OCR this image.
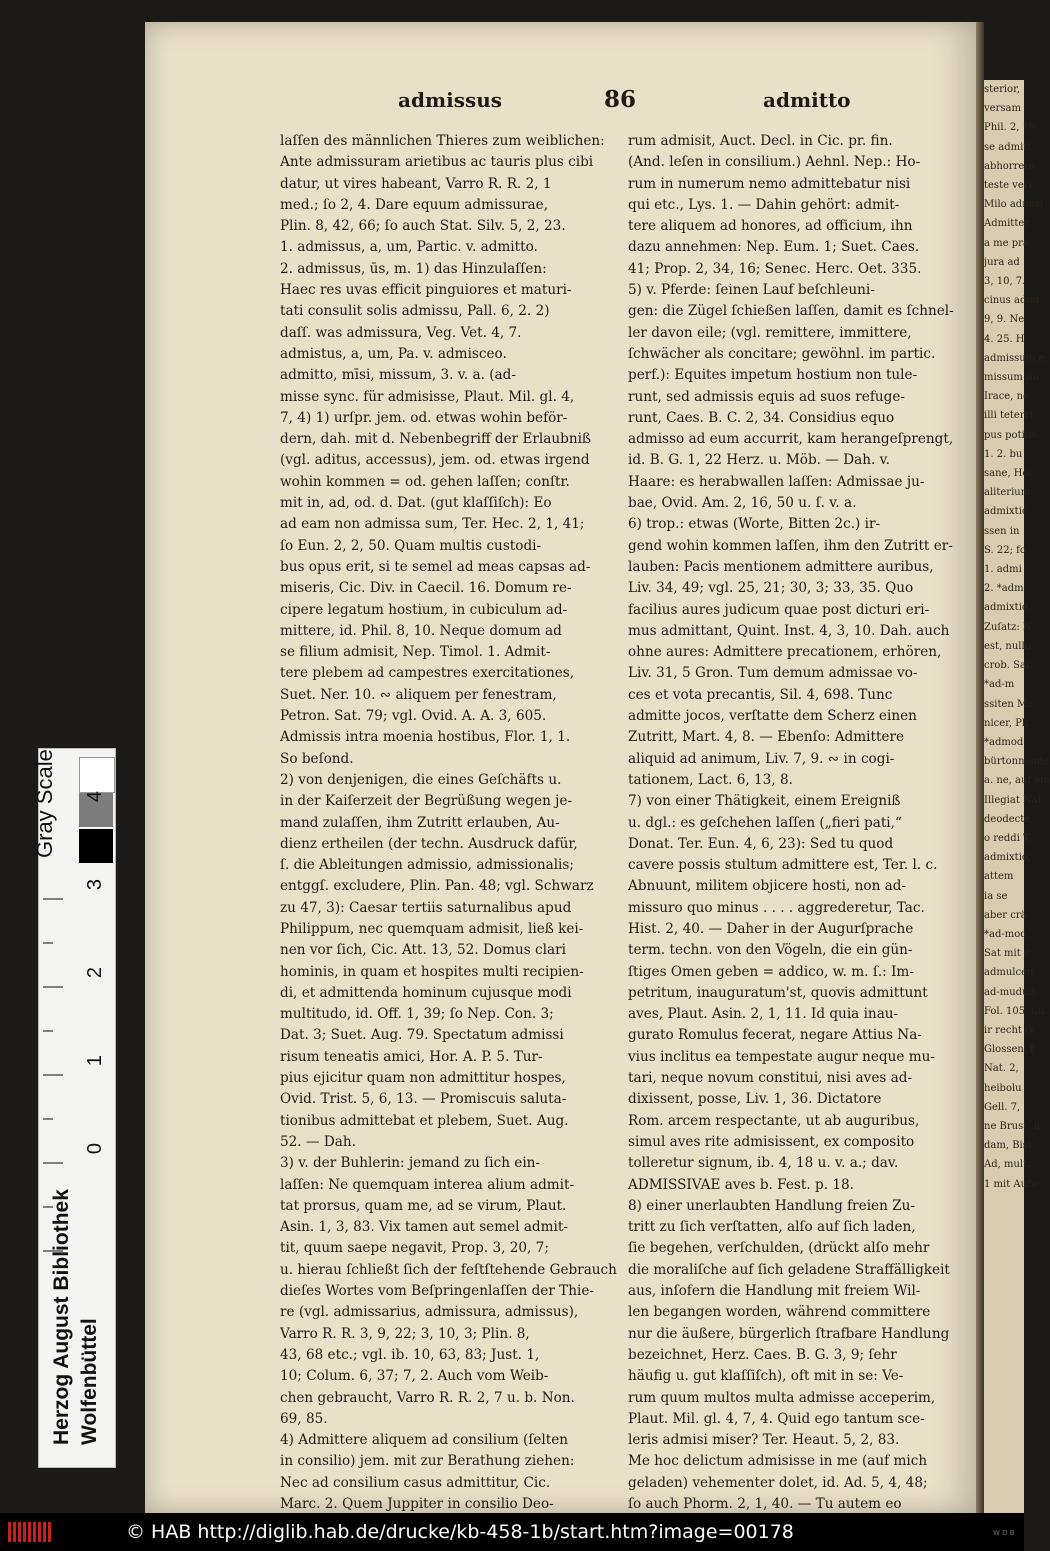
sterior,
versam
Phil. 2, 19
se admitt.
abhorrere
teste verr
Milo admisi
Admitter
a me pra
jura ad
3, 10, 7.
cinus admi
9, 9. Ne
4. 25. H
admissum e
missum du
Irace, ne
illi teterri
pus potius
1. 2. bu
sane, Hor
aliterium
admixtic
ssen in
S. 22; fo
1. admi
2. *adm
admixtio,
Zuſatz: N
est, nullo
crob. Sat.
*ad-m
ssiten Mo
nicer, Pli
*admod
bürtonnende
a. ne, auf ein
Illegiat Nat
deodecte,
o reddi T
admixtio,
attem
ia se
aber crä
*ad-mod
Sat mit e
admulcen
ad-mudun
Fol. 105, nu
ir recht (v.
Glossen, f
Nat. 2,
heibolu
Gell. 7,
ne Brust, u
dam, Bist
Ad, mult.
1 mit Aufw
admissus	86	admitto
laſſen des männlichen Thieres zum weiblichen:
Ante admissuram arietibus ac tauris plus cibi
datur, ut vires habeant, Varro R. R. 2, 1
med.; ſo 2, 4. Dare equum admissurae,
Plin. 8, 42, 66; ſo auch Stat. Silv. 5, 2, 23.
1. admissus, a, um, Partic. v. admitto.
2. admissus, ūs, m. 1) das Hinzulaſſen:
Haec res uvas efficit pinguiores et maturi-
tati consulit solis admissu, Pall. 6, 2. 2)
daſſ. was admissura, Veg. Vet. 4, 7.
admistus, a, um, Pa. v. admisceo.
admitto, mīsi, missum, 3. v. a. (ad-
misse sync. für admisisse, Plaut. Mil. gl. 4,
7, 4) 1) urſpr. jem. od. etwas wohin beför-
dern, dah. mit d. Nebenbegriff der Erlaubniß
(vgl. aditus, accessus), jem. od. etwas irgend
wohin kommen = od. gehen laſſen; conſtr.
mit in, ad, od. d. Dat. (gut klaſſiſch): Eo
ad eam non admissa sum, Ter. Hec. 2, 1, 41;
ſo Eun. 2, 2, 50. Quam multis custodi-
bus opus erit, si te semel ad meas capsas ad-
miseris, Cic. Div. in Caecil. 16. Domum re-
cipere legatum hostium, in cubiculum ad-
mittere, id. Phil. 8, 10. Neque domum ad
se filium admisit, Nep. Timol. 1. Admit-
tere plebem ad campestres exercitationes,
Suet. Ner. 10. ∾ aliquem per fenestram,
Petron. Sat. 79; vgl. Ovid. A. A. 3, 605.
Admissis intra moenia hostibus, Flor. 1, 1.
So beſond.
2) von denjenigen, die eines Geſchäfts u.
in der Kaiſerzeit der Begrüßung wegen je-
mand zulaſſen, ihm Zutritt erlauben, Au-
dienz ertheilen (der techn. Ausdruck dafür,
ſ. die Ableitungen admissio, admissionalis;
entggſ. excludere, Plin. Pan. 48; vgl. Schwarz
zu 47, 3): Caesar tertiis saturnalibus apud
Philippum, nec quemquam admisit, ließ kei-
nen vor ſich, Cic. Att. 13, 52. Domus clari
hominis, in quam et hospites multi recipien-
di, et admittenda hominum cujusque modi
multitudo, id. Off. 1, 39; ſo Nep. Con. 3;
Dat. 3; Suet. Aug. 79. Spectatum admissi
risum teneatis amici, Hor. A. P. 5. Tur-
pius ejicitur quam non admittitur hospes,
Ovid. Trist. 5, 6, 13. — Promiscuis saluta-
tionibus admittebat et plebem, Suet. Aug.
52. — Dah.
3) v. der Buhlerin: jemand zu ſich ein-
laſſen: Ne quemquam interea alium admit-
tat prorsus, quam me, ad se virum, Plaut.
Asin. 1, 3, 83. Vix tamen aut semel admit-
tit, quum saepe negavit, Prop. 3, 20, 7;
u. hierau ſchließt ſich der feſtſtehende Gebrauch
dieſes Wortes vom Beſpringenlaſſen der Thie-
re (vgl. admissarius, admissura, admissus),
Varro R. R. 3, 9, 22; 3, 10, 3; Plin. 8,
43, 68 etc.; vgl. ib. 10, 63, 83; Just. 1,
10; Colum. 6, 37; 7, 2. Auch vom Weib-
chen gebraucht, Varro R. R. 2, 7 u. b. Non.
69, 85.
4) Admittere aliquem ad consilium (ſelten
in consilio) jem. mit zur Berathung ziehen:
Nec ad consilium casus admittitur, Cic.
Marc. 2. Quem Juppiter in consilio Deo-
rum admisit, Auct. Decl. in Cic. pr. fin.
(And. leſen in consilium.) Aehnl. Nep.: Ho-
rum in numerum nemo admittebatur nisi
qui etc., Lys. 1. — Dahin gehört: admit-
tere aliquem ad honores, ad officium, ihn
dazu annehmen: Nep. Eum. 1; Suet. Caes.
41; Prop. 2, 34, 16; Senec. Herc. Oet. 335.
5) v. Pferde: ſeinen Lauf beſchleuni-
gen: die Zügel ſchießen laſſen, damit es ſchnel-
ler davon eile; (vgl. remittere, immittere,
ſchwächer als concitare; gewöhnl. im partic.
perf.): Equites impetum hostium non tule-
runt, sed admissis equis ad suos refuge-
runt, Caes. B. C. 2, 34. Considius equo
admisso ad eum accurrit, kam herangeſprengt,
id. B. G. 1, 22 Herz. u. Möb. — Dah. v.
Haare: es herabwallen laſſen: Admissae ju-
bae, Ovid. Am. 2, 16, 50 u. ſ. v. a.
6) trop.: etwas (Worte, Bitten 2c.) ir-
gend wohin kommen laſſen, ihm den Zutritt er-
lauben: Pacis mentionem admittere auribus,
Liv. 34, 49; vgl. 25, 21; 30, 3; 33, 35. Quo
facilius aures judicum quae post dicturi eri-
mus admittant, Quint. Inst. 4, 3, 10. Dah. auch
ohne aures: Admittere precationem, erhören,
Liv. 31, 5 Gron. Tum demum admissae vo-
ces et vota precantis, Sil. 4, 698. Tunc
admitte jocos, verſtatte dem Scherz einen
Zutritt, Mart. 4, 8. — Ebenſo: Admittere
aliquid ad animum, Liv. 7, 9. ∾ in cogi-
tationem, Lact. 6, 13, 8.
7) von einer Thätigkeit, einem Ereigniß
u. dgl.: es geſchehen laſſen („fieri pati,“
Donat. Ter. Eun. 4, 6, 23): Sed tu quod
cavere possis stultum admittere est, Ter. l. c.
Abnuunt, militem objicere hosti, non ad-
missuro quo minus . . . . aggrederetur, Tac.
Hist. 2, 40. — Daher in der Augurſprache
term. techn. von den Vögeln, die ein gün-
ſtiges Omen geben = addico, w. m. ſ.: Im-
petritum, inauguratum'st, quovis admittunt
aves, Plaut. Asin. 2, 1, 11. Id quia inau-
gurato Romulus fecerat, negare Attius Na-
vius inclitus ea tempestate augur neque mu-
tari, neque novum constitui, nisi aves ad-
dixissent, posse, Liv. 1, 36. Dictatore
Rom. arcem respectante, ut ab auguribus,
simul aves rite admisissent, ex composito
tolleretur signum, ib. 4, 18 u. v. a.; dav.
ADMISSIVAE aves b. Fest. p. 18.
8) einer unerlaubten Handlung freien Zu-
tritt zu ſich verſtatten, alſo auf ſich laden,
ſie begehen, verſchulden, (drückt alſo mehr
die moraliſche auf ſich geladene Straffälligkeit
aus, inſofern die Handlung mit freiem Wil-
len begangen worden, während committere
nur die äußere, bürgerlich ſtrafbare Handlung
bezeichnet, Herz. Caes. B. G. 3, 9; ſehr
häufig u. gut klaſſiſch), oft mit in se: Ve-
rum quum multos multa admisse acceperim,
Plaut. Mil. gl. 4, 7, 4. Quid ego tantum sce-
leris admisi miser? Ter. Heaut. 5, 2, 83.
Me hoc delictum admisisse in me (auf mich
geladen) vehementer dolet, id. Ad. 5, 4, 48;
ſo auch Phorm. 2, 1, 40. — Tu autem eo
Gray Scale
0
1
2
3
4
Herzog August Bibliothek Wolfenbüttel
© HAB http://diglib.hab.de/drucke/kb-458-1b/start.htm?image=00178	W D B
